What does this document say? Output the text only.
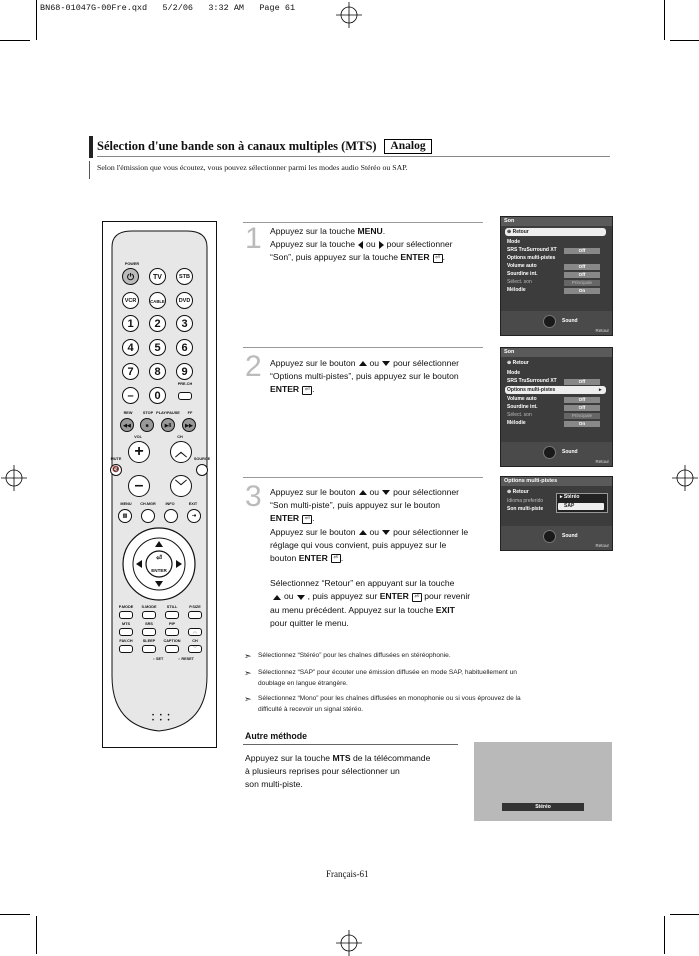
BN68-01047G-00Fre.qxd   5/2/06   3:32 AM   Page 61
Sélection d'une bande son à canaux multiples (MTS)	Analog
Selon l'émission que vous écoutez, vous pouvez sélectionner parmi les modes audio Stéréo ou SAP.
POWER
⏻	TV	STB
VCR	CABLE	DVD
1	2	3
4	5	6
7	8	9
–	0
PRE-CH
REW	STOP PLAY/PAUSE	FF
◀◀	■	▶II	▶▶
VOL	CH
+	︿
MUTE	SOURCE
🔇
–	﹀
MENU	CH.MGR	INFO	EXIT
▥	⇥
⏎
ENTER
P.MODE	S.MODE	STILL	P.SIZE
MTS	SRS	PIP
︿
FAV.CH	SLEEP	CAPTION	CH
﹀
○ SET	○ RESET
• • •
• • •
1
2
3
Appuyez sur la touche MENU.
Appuyez sur la touche ou pour sélectionner
“Son”, puis appuyez sur la touche ENTER ⏎ .
Appuyez sur le bouton ou pour sélectionner
“Options multi-pistes”, puis appuyez sur le bouton
ENTER ⏎ .
Appuyez sur le bouton ou pour sélectionner
“Son multi-piste”, puis appuyez sur le bouton
ENTER ⏎ .
Appuyez sur le bouton ou pour sélectionner le
réglage qui vous convient, puis appuyez sur le
bouton ENTER ⏎ .
Sélectionnez “Retour” en appuyant sur la touche
ou , puis appuyez sur ENTER ⏎ pour revenir
au menu précédent. Appuyez sur la touche EXIT
pour quitter le menu.
Son
⊕ Retour
Mode
SRS TruSurround XT
Options multi-pistes
Volume auto
Sourdine int.
Sélect. son
Mélodie
Off
Off
Off
Principale
On
Sound
Retour
Son
⊕ Retour
Mode
SRS TruSurround XT
Options multi-pistes	▸
Volume auto
Sourdine int.
Sélect. son
Mélodie
Off
Off
Off
Principale
On
Sound
Retour
Options multi-pistes
⊕ Retour
Idioma preferido
Son multi-piste
▸ Stéréo
SAP
Sound
Retour
➣ Sélectionnez “Stéréo” pour les chaînes diffusées en stéréophonie.
➣ Sélectionnez “SAP” pour écouter une émission diffusée en mode SAP, habituellement un
doublage en langue étrangère.
➣ Sélectionnez “Mono” pour les chaînes diffusées en monophonie ou si vous éprouvez de la
difficulté à recevoir un signal stéréo.
Autre méthode
Appuyez sur la touche MTS de la télécommande
à plusieurs reprises pour sélectionner un
son multi-piste.
Stéréo
Français-61
